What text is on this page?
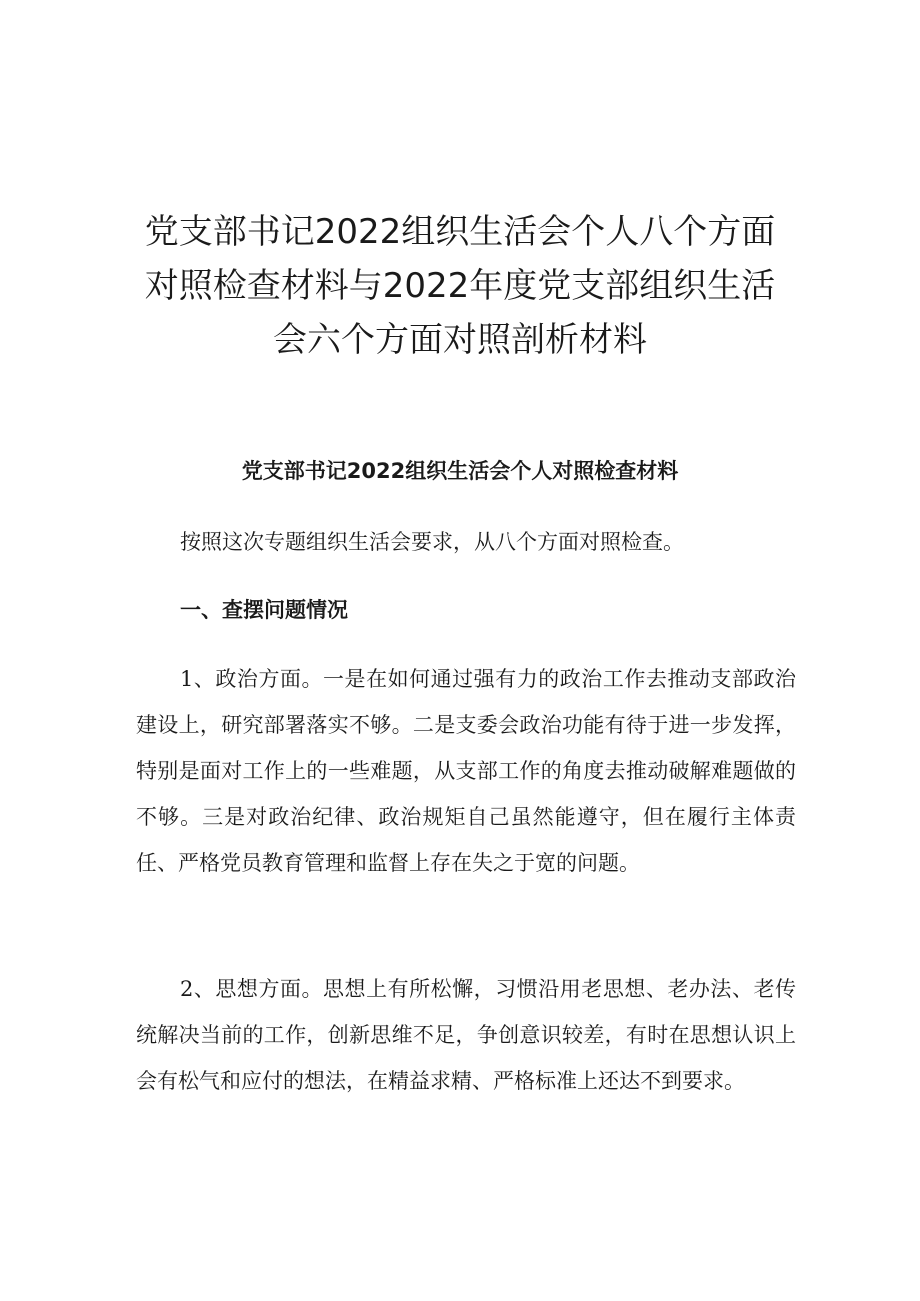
党支部书记2022组织生活会个人八个方面
对照检查材料与2022年度党支部组织生活
会六个方面对照剖析材料
党支部书记2022组织生活会个人对照检查材料

按照这次专题组织生活会要求，从八个方面对照检查。

一、查摆问题情况

1、政治方面。一是在如何通过强有力的政治工作去推动支部政治建设上，研究部署落实不够。二是支委会政治功能有待于进一步发挥，特别是面对工作上的一些难题，从支部工作的角度去推动破解难题做的不够。三是对政治纪律、政治规矩自己虽然能遵守，但在履行主体责任、严格党员教育管理和监督上存在失之于宽的问题。

2、思想方面。思想上有所松懈，习惯沿用老思想、老办法、老传统解决当前的工作，创新思维不足，争创意识较差，有时在思想认识上会有松气和应付的想法，在精益求精、严格标准上还达不到要求。
